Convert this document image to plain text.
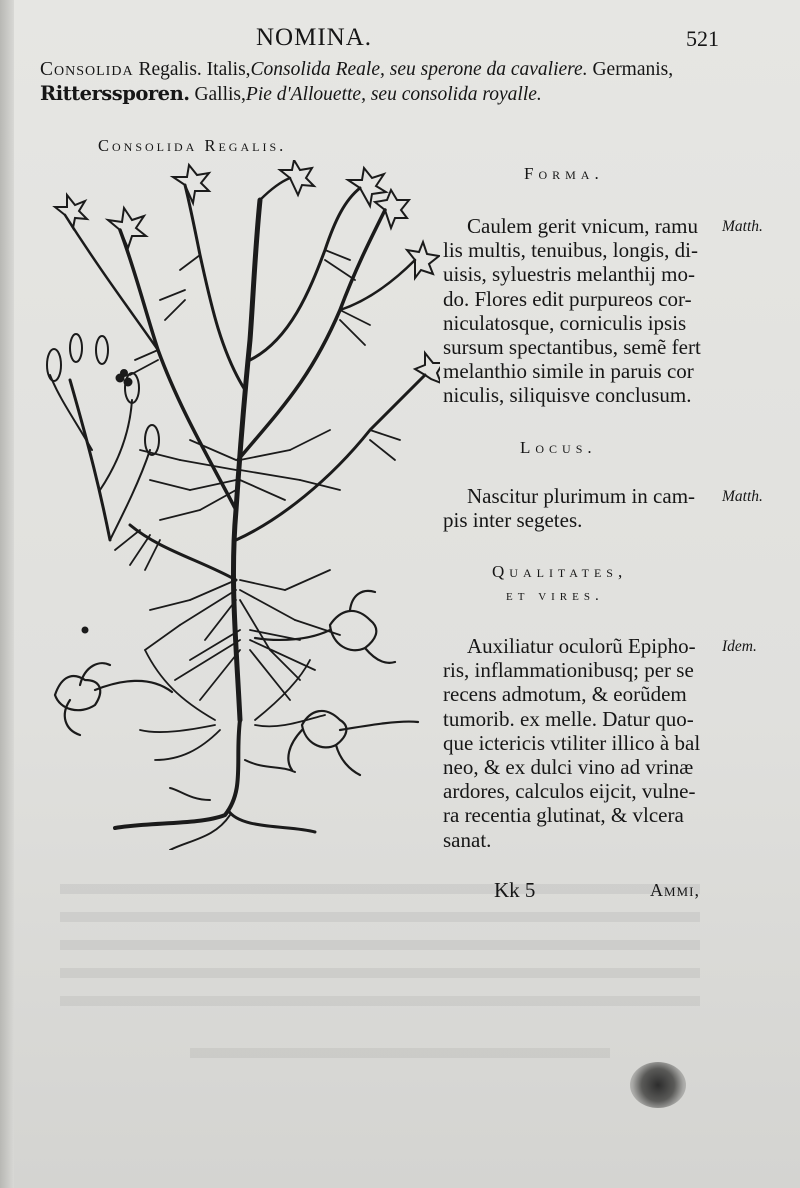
NOMINA.	521
Consolida Regalis. Italis,Consolida Reale, seu sperone da cavaliere. Germanis,
Ritterssporen. Gallis,Pie d'Allouette, seu consolida royalle.
Consolida Regalis.
Forma.
Matth.
Caulem gerit vnicum, ramu
lis multis, tenuibus, longis, di-
uisis, syluestris melanthij mo-
do. Flores edit purpureos cor-
niculatosque, corniculis ipsis
sursum spectantibus, semẽ fert
melanthio simile in paruis cor
niculis, siliquisve conclusum.
Locus.
Matth.
Nascitur plurimum in cam-
pis inter segetes.
Qualitates,
et vires.
Idem.
Auxiliatur oculorũ Epipho-
ris, inflammationibusq; per se
recens admotum, & eorũdem
tumorib. ex melle. Datur quo-
que ictericis vtiliter illico à bal
neo, & ex dulci vino ad vrinæ
ardores, calculos eijcit, vulne-
ra recentia glutinat, & vlcera
sanat.
Kk 5	Ammi,
